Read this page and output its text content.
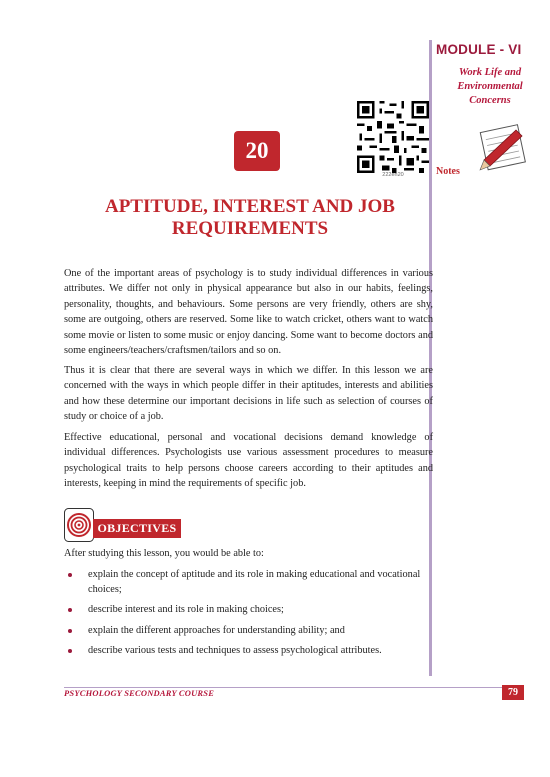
MODULE - VI
Work Life and
Environmental
Concerns
Notes
222en20
20
APTITUDE, INTEREST AND JOB
REQUIREMENTS

One of the important areas of psychology is to study individual differences in various attributes. We differ not only in physical appearance but also in our habits, feelings, personality, thoughts, and behaviours. Some persons are very friendly, others are shy, some are outgoing, others are reserved. Some like to watch cricket, others want to watch some movie or listen to some music or enjoy dancing. Some want to become doctors and some engineers/teachers/craftsmen/tailors and so on.

Thus it is clear that there are several ways in which we differ. In this lesson we are concerned with the ways in which people differ in their aptitudes, interests and abilities and how these determine our important decisions in life such as selection of courses of study or choice of a job.

Effective educational, personal and vocational decisions demand knowledge of individual differences. Psychologists use various assessment procedures to measure psychological traits to help persons choose careers according to their aptitudes and interests, keeping in mind the requirements of specific job.

OBJECTIVES
After studying this lesson, you would be able to:
explain the concept of aptitude and its role in making educational and vocational choices;
describe interest and its role in making choices;
explain the different approaches for understanding ability; and
describe various tests and techniques to assess psychological attributes.
PSYCHOLOGY SECONDARY COURSE	79
